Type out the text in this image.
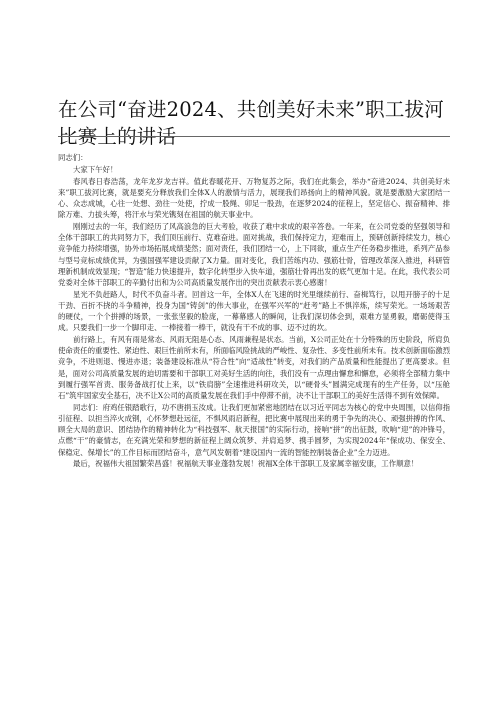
在公司“奋进2024、共创美好未来”职工拔河比赛上的讲话

同志们：

大家下午好！

春风春日春浩荡，龙年龙岁龙吉祥。值此春暖花开、万物复苏之际，我们在此集会，举办“奋进2024、共创美好未来”职工拔河比赛，就是要充分释放我们全体X人的激情与活力，展现我们昂扬向上的精神风貌。就是要激励大家团结一心、众志成城，心往一处想、劲往一处使，拧成一股绳、卯足一股劲，在逐梦2024的征程上，坚定信心、振奋精神、排除万难、力拔头筹，将汗水与荣光镌刻在祖国的航天事业中。

刚刚过去的一年，我们经历了风高浪急的巨大考验，收获了难中求成的艰辛答卷。一年来，在公司党委的坚强领导和全体干部职工的共同努力下，我们顶压前行、克难奋进。面对挑战，我们保持定力，迎难而上，预研创新持续发力，核心竞争能力持续增强，协外市场拓展成绩斐然；面对责任，我们团结一心，上下同欲，重点生产任务稳步推进，系列产品参与型号竞标成绩优异，为强国强军建设贡献了X力量。面对变化，我们苦练内功、强筋壮骨，管理改革深入推进，科研管理新机制成效显现；“智造”能力快速提升，数字化转型步入快车道，强筋壮骨再出发的底气更加十足。在此，我代表公司党委对全体干部职工的辛勤付出和为公司高质量发展作出的突出贡献表示衷心感谢！

星光不负赶路人，时代不负奋斗者。回首这一年，全体X人在飞速的时光里继续前行、奋楫笃行，以甩开膀子的十足干劲、百折不挠的斗争精神，投身为国“铸剑”的伟大事业，在强军兴军的“赶考”路上不惧淬炼，续写荣光。一场场艰苦的硬仗，一个个拼搏的场景，一张张坚毅的脸庞，一幕幕感人的瞬间，让我们深切体会到，艰难方显勇毅，磨砺使得玉成。只要我们一步一个脚印走、一棒接着一棒干，就没有干不成的事、迈不过的坎。

前行路上，有风有雨是常态、风雨无阻是心态、风雨兼程是状态。当前，X公司正处在十分特殊的历史阶段，所肩负使命责任的重要性、紧迫性、艰巨性前所未有，所面临风险挑战的严峻性、复杂性、多变性前所未有。技术创新面临激烈竞争，不进则退、慢进亦退；装备建设标准从“符合性”向“适战性”转变，对我们的产品质量和性能提出了更高要求。但是，面对公司高质量发展的迫切需要和干部职工对美好生活的向往，我们没有一点理由懈怠和懈怠，必须将全部精力集中到履行强军首责、服务备战打仗上来，以“铁肩膀”全速推进科研攻关，以“硬骨头”圆满完成现有的生产任务，以“压舱石”筑牢国家安全基石，决不让X公司的高质量发展在我们手中停滞不前，决不让干部职工的美好生活得不到有效保障。

同志们：府鸡任银踏歌行，功不唐捐玉汝成。让我们更加紧密地团结在以习近平同志为核心的党中央周围，以信仰指引征程、以担当淬火成钢，心怀梦想赴远征，不惧风雨启新程，把比赛中展现出来的勇于争先的决心、顽强拼搏的作风、顾全大局的意识、团结协作的精神转化为“科技强军、航天报国”的实际行动，接响“拼”的出征鼓，吹响“迎”的冲锋号，点燃“干”的豪情志，在充满光荣和梦想的新征程上阔众筑梦、并肩追梦、携手圆梦，为实现2024年“保成功、保安全、保稳定、保增长”的工作目标而团结奋斗，意气风发朝着“建设国内一流的智能控制装备企业”全力迈进。

最后，祝福伟大祖国繁荣昌盛！祝福航天事业蓬勃发展！祝福X全体干部职工及家属幸福安康，工作顺意！
